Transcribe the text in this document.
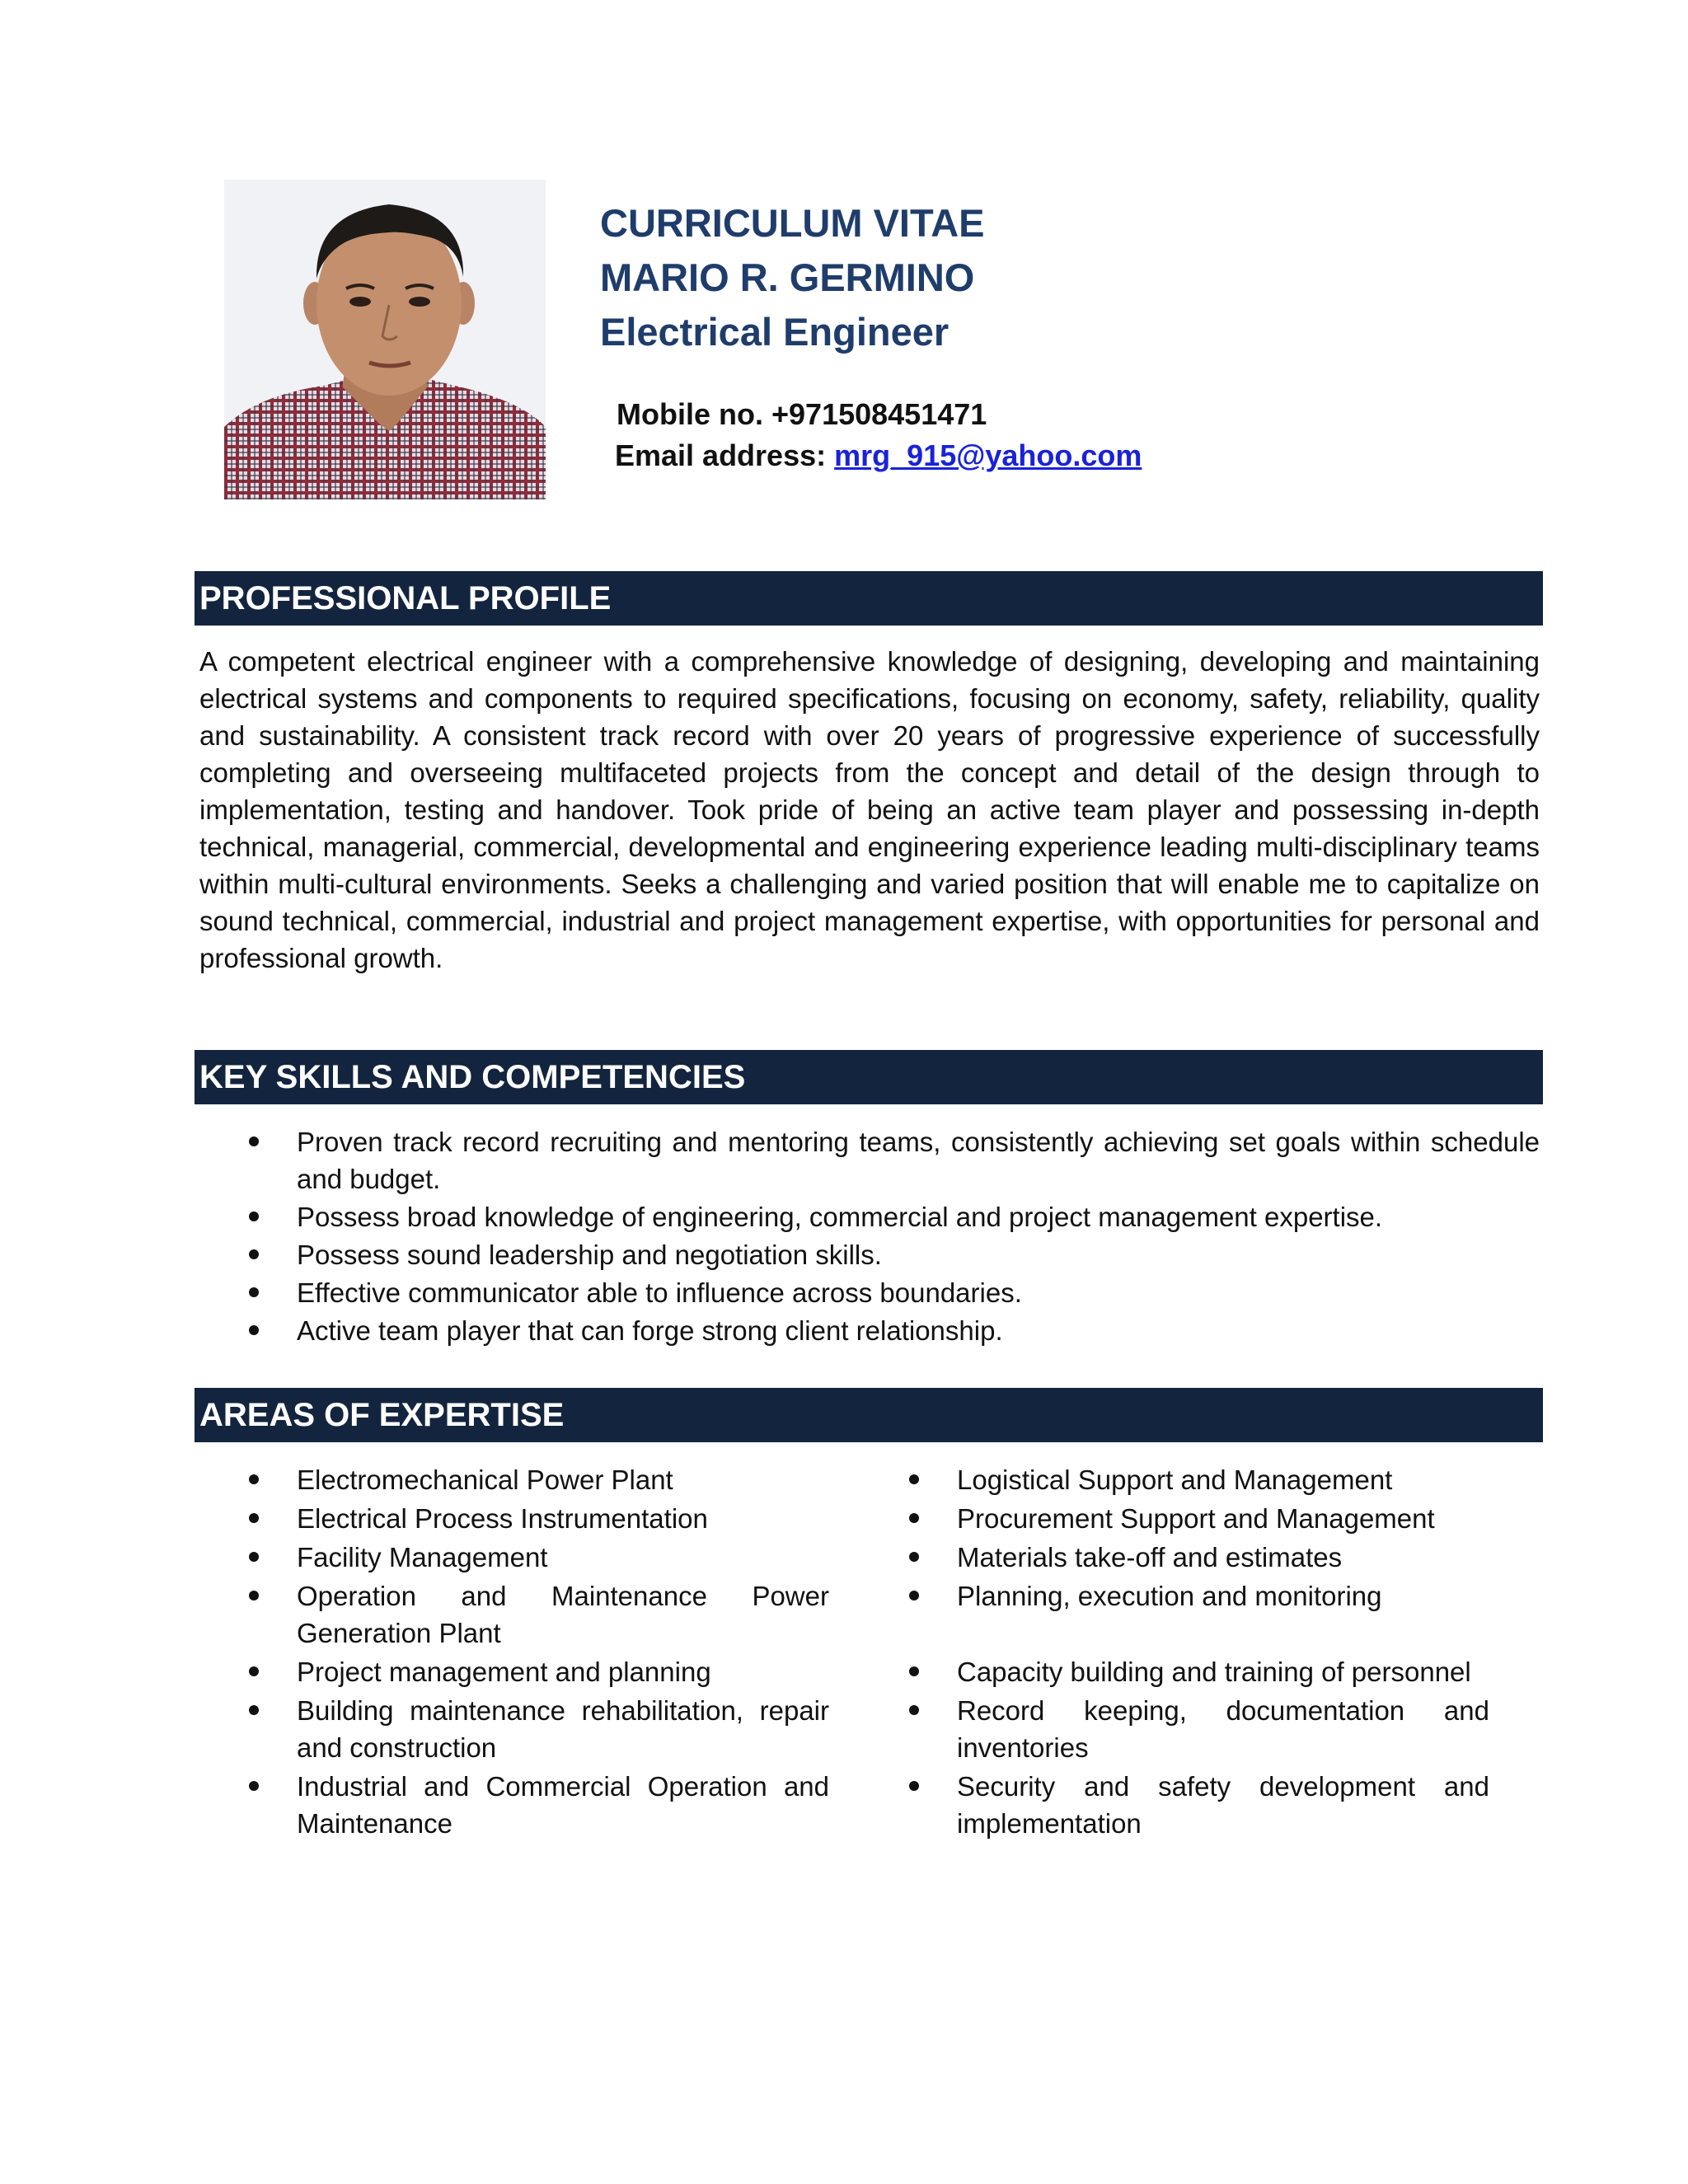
CURRICULUM VITAE
MARIO R. GERMINO
Electrical Engineer
Mobile no. +971508451471
Email address: mrg_915@yahoo.com
PROFESSIONAL PROFILE

A competent electrical engineer with a comprehensive knowledge of designing, developing and maintaining electrical systems and components to required specifications, focusing on economy, safety, reliability, quality and sustainability. A consistent track record with over 20 years of progressive experience of successfully completing and overseeing multifaceted projects from the concept and detail of the design through to implementation, testing and handover. Took pride of being an active team player and possessing in-depth technical, managerial, commercial, developmental and engineering experience leading multi-disciplinary teams within multi-cultural environments. Seeks a challenging and varied position that will enable me to capitalize on sound technical, commercial, industrial and project management expertise, with opportunities for personal and professional growth.

KEY SKILLS AND COMPETENCIES
Proven track record recruiting and mentoring teams, consistently achieving set goals within schedule and budget.
Possess broad knowledge of engineering, commercial and project management expertise.
Possess sound leadership and negotiation skills.
Effective communicator able to influence across boundaries.
Active team player that can forge strong client relationship.
AREAS OF EXPERTISE
Electromechanical Power Plant
Electrical Process Instrumentation
Facility Management
Operation and Maintenance Power Generation Plant
Project management and planning
Building maintenance rehabilitation, repair and construction
Industrial and Commercial Operation and Maintenance
Logistical Support and Management
Procurement Support and Management
Materials take-off and estimates
Planning, execution and monitoring
Capacity building and training of personnel
Record keeping, documentation and inventories
Security and safety development and implementation
